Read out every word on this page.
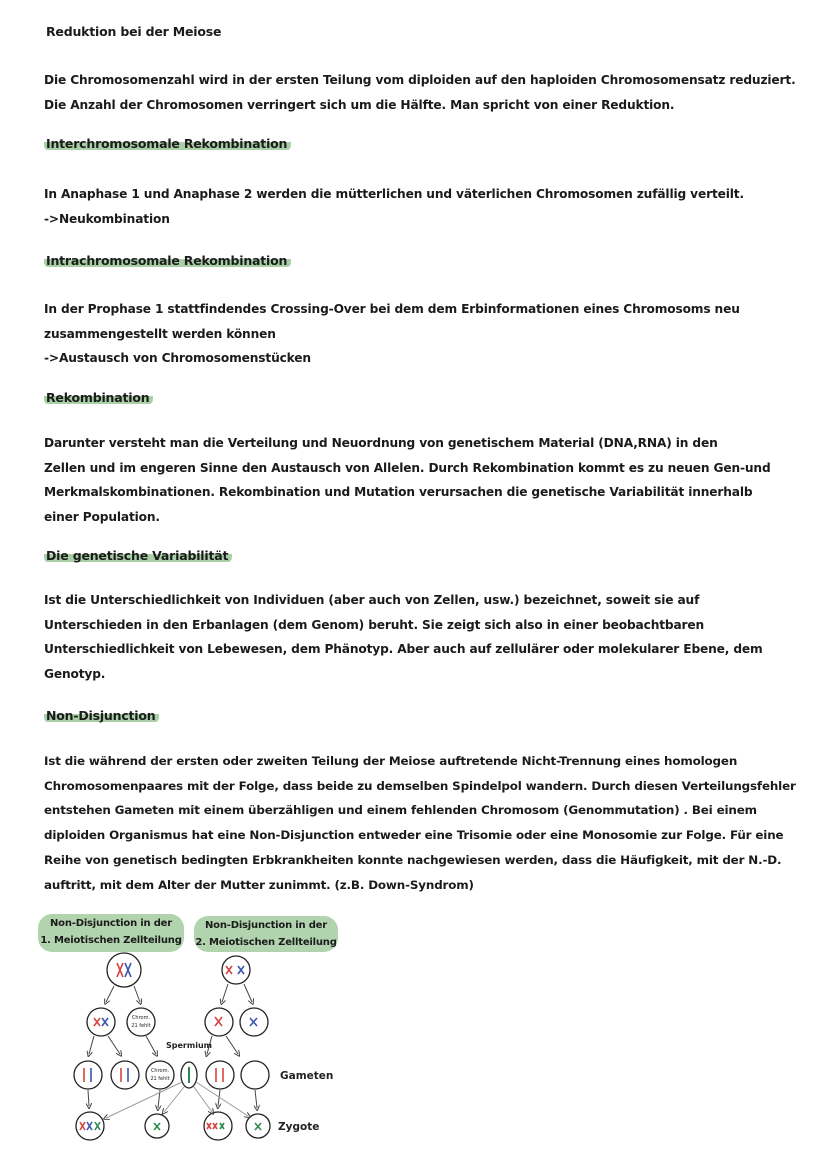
Reduktion bei der Meiose
Die Chromosomenzahl wird in der ersten Teilung vom diploiden auf den haploiden Chromosomensatz reduziert.
Die Anzahl der Chromosomen verringert sich um die Hälfte. Man spricht von einer Reduktion.
Interchromosomale Rekombination
In Anaphase 1 und Anaphase 2 werden die mütterlichen und väterlichen Chromosomen zufällig verteilt.
->Neukombination
Intrachromosomale Rekombination
In der Prophase 1 stattfindendes Crossing-Over bei dem dem Erbinformationen eines Chromosoms neu
zusammengestellt werden können
->Austausch von Chromosomenstücken
Rekombination
Darunter versteht man die Verteilung und Neuordnung von genetischem Material (DNA,RNA) in den
Zellen und im engeren Sinne den Austausch von Allelen. Durch Rekombination kommt es zu neuen Gen-und
Merkmalskombinationen. Rekombination und Mutation verursachen die genetische Variabilität innerhalb
einer Population.
Die genetische Variabilität
Ist die Unterschiedlichkeit von Individuen (aber auch von Zellen, usw.) bezeichnet, soweit sie auf
Unterschieden in den Erbanlagen (dem Genom) beruht. Sie zeigt sich also in einer beobachtbaren
Unterschiedlichkeit von Lebewesen, dem Phänotyp. Aber auch auf zellulärer oder molekularer Ebene, dem
Genotyp.
Non-Disjunction
Ist die während der ersten oder zweiten Teilung der Meiose auftretende Nicht-Trennung eines homologen
Chromosomenpaares mit der Folge, dass beide zu demselben Spindelpol wandern. Durch diesen Verteilungsfehler
entstehen Gameten mit einem überzähligen und einem fehlenden Chromosom (Genommutation) . Bei einem
diploiden Organismus hat eine Non-Disjunction entweder eine Trisomie oder eine Monosomie zur Folge. Für eine
Reihe von genetisch bedingten Erbkrankheiten konnte nachgewiesen werden, dass die Häufigkeit, mit der N.-D.
auftritt, mit dem Alter der Mutter zunimmt. (z.B. Down-Syndrom)
Non-Disjunction in der
1. Meiotischen Zellteilung
Non-Disjunction in der
2. Meiotischen Zellteilung
Chrom.
21 fehlt
Chrom.
21 fehlt
Spermium
Gameten
Zygote
